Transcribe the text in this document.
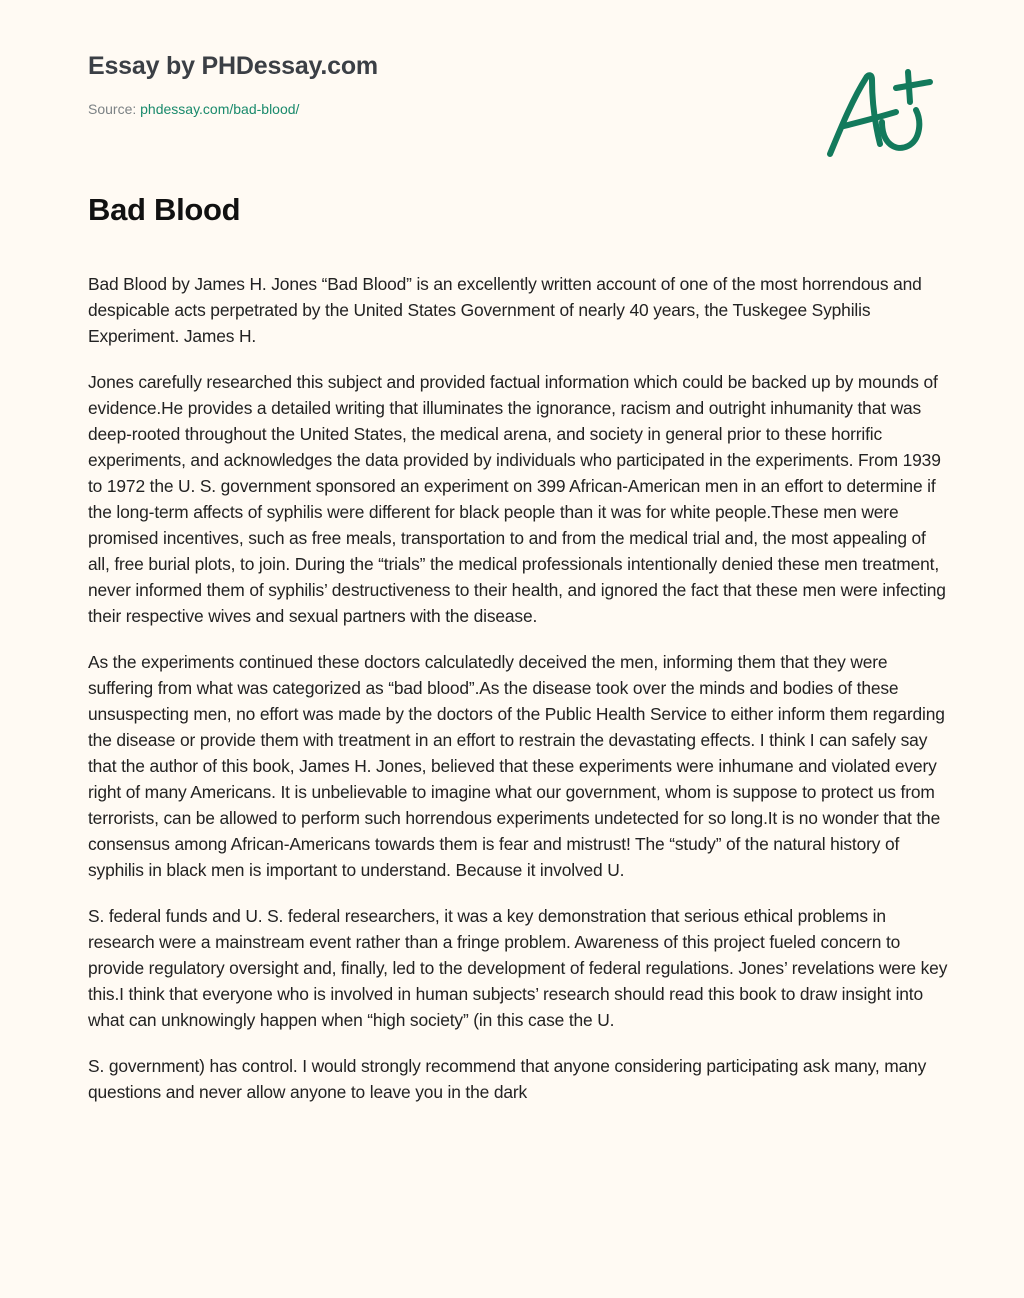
Essay by PHDessay.com
Source: phdessay.com/bad-blood/
Bad Blood

Bad Blood by James H. Jones “Bad Blood” is an excellently written account of one of the most horrendous and despicable acts perpetrated by the United States Government of nearly 40 years, the Tuskegee Syphilis Experiment. James H.

Jones carefully researched this subject and provided factual information which could be backed up by mounds of evidence.He provides a detailed writing that illuminates the ignorance, racism and outright inhumanity that was deep-rooted throughout the United States, the medical arena, and society in general prior to these horrific experiments, and acknowledges the data provided by individuals who participated in the experiments. From 1939 to 1972 the U. S. government sponsored an experiment on 399 African-American men in an effort to determine if the long-term affects of syphilis were different for black people than it was for white people.These men were promised incentives, such as free meals, transportation to and from the medical trial and, the most appealing of all, free burial plots, to join. During the “trials” the medical professionals intentionally denied these men treatment, never informed them of syphilis’ destructiveness to their health, and ignored the fact that these men were infecting their respective wives and sexual partners with the disease.

As the experiments continued these doctors calculatedly deceived the men, informing them that they were suffering from what was categorized as “bad blood”.As the disease took over the minds and bodies of these unsuspecting men, no effort was made by the doctors of the Public Health Service to either inform them regarding the disease or provide them with treatment in an effort to restrain the devastating effects. I think I can safely say that the author of this book, James H. Jones, believed that these experiments were inhumane and violated every right of many Americans. It is unbelievable to imagine what our government, whom is suppose to protect us from terrorists, can be allowed to perform such horrendous experiments undetected for so long.It is no wonder that the consensus among African-Americans towards them is fear and mistrust! The “study” of the natural history of syphilis in black men is important to understand. Because it involved U.

S. federal funds and U. S. federal researchers, it was a key demonstration that serious ethical problems in research were a mainstream event rather than a fringe problem. Awareness of this project fueled concern to provide regulatory oversight and, finally, led to the development of federal regulations. Jones’ revelations were key this.I think that everyone who is involved in human subjects’ research should read this book to draw insight into what can unknowingly happen when “high society” (in this case the U.

S. government) has control. I would strongly recommend that anyone considering participating ask many, many questions and never allow anyone to leave you in the dark
